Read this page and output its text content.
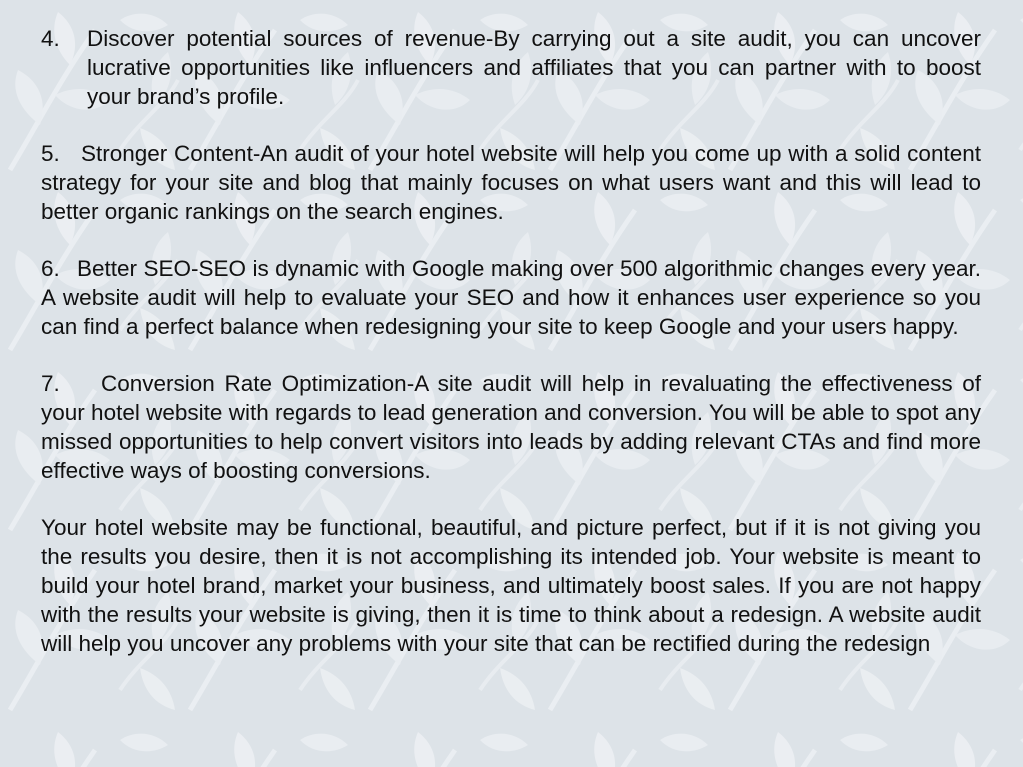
4.	Discover potential sources of revenue-By carrying out a site audit, you can uncover lucrative opportunities like influencers and affiliates that you can partner with to boost your brand’s profile.

5. Stronger Content-An audit of your hotel website will help you come up with a solid content strategy for your site and blog that mainly focuses on what users want and this will lead to better organic rankings on the search engines.

6. Better SEO-SEO is dynamic with Google making over 500 algorithmic changes every year. A website audit will help to evaluate your SEO and how it enhances user experience so you can find a perfect balance when redesigning your site to keep Google and your users happy.

7. Conversion Rate Optimization-A site audit will help in revaluating the effectiveness of your hotel website with regards to lead generation and conversion. You will be able to spot any missed opportunities to help convert visitors into leads by adding relevant CTAs and find more effective ways of boosting conversions.

Your hotel website may be functional, beautiful, and picture perfect, but if it is not giving you the results you desire, then it is not accomplishing its intended job. Your website is meant to build your hotel brand, market your business, and ultimately boost sales. If you are not happy with the results your website is giving, then it is time to think about a redesign. A website audit will help you uncover any problems with your site that can be rectified during the redesign
